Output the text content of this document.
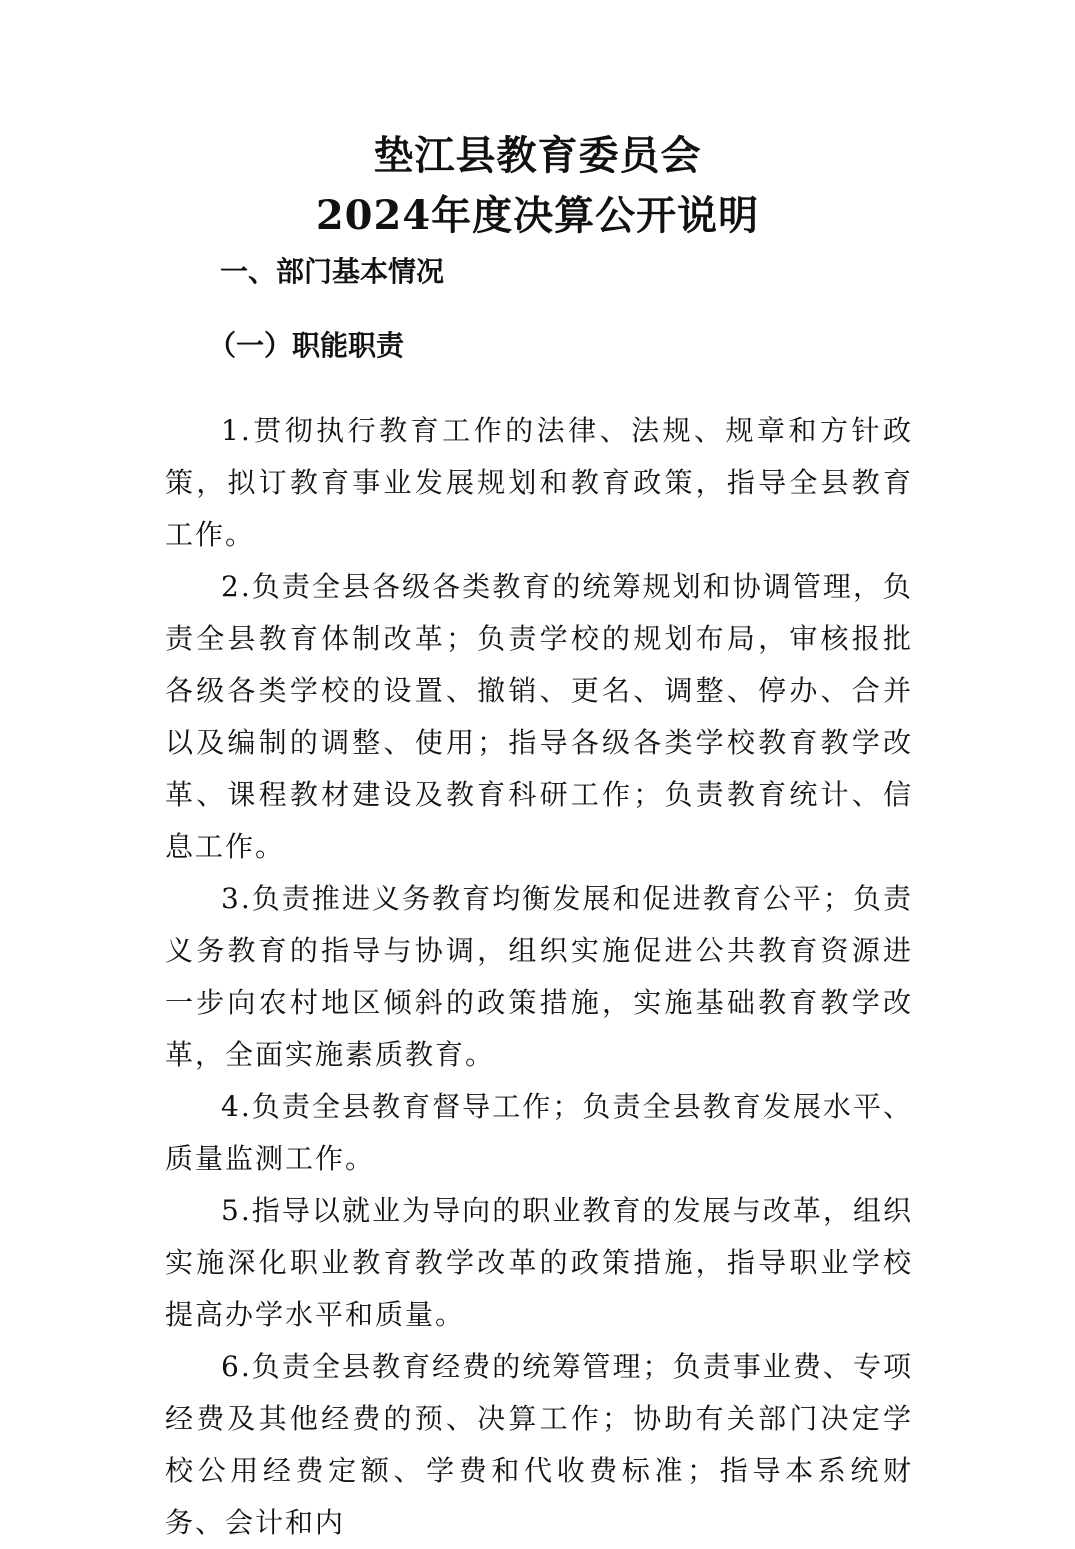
垫江县教育委员会
2024年度决算公开说明
一、部门基本情况
（一）职能职责

1.贯彻执行教育工作的法律、法规、规章和方针政策，拟订教育事业发展规划和教育政策，指导全县教育工作。

2.负责全县各级各类教育的统筹规划和协调管理，负责全县教育体制改革；负责学校的规划布局，审核报批各级各类学校的设置、撤销、更名、调整、停办、合并以及编制的调整、使用；指导各级各类学校教育教学改革、课程教材建设及教育科研工作；负责教育统计、信息工作。

3.负责推进义务教育均衡发展和促进教育公平；负责义务教育的指导与协调，组织实施促进公共教育资源进一步向农村地区倾斜的政策措施，实施基础教育教学改革，全面实施素质教育。

4.负责全县教育督导工作；负责全县教育发展水平、质量监测工作。

5.指导以就业为导向的职业教育的发展与改革，组织实施深化职业教育教学改革的政策措施，指导职业学校提高办学水平和质量。

6.负责全县教育经费的统筹管理；负责事业费、专项经费及其他经费的预、决算工作；协助有关部门决定学校公用经费定额、学费和代收费标准；指导本系统财务、会计和内
